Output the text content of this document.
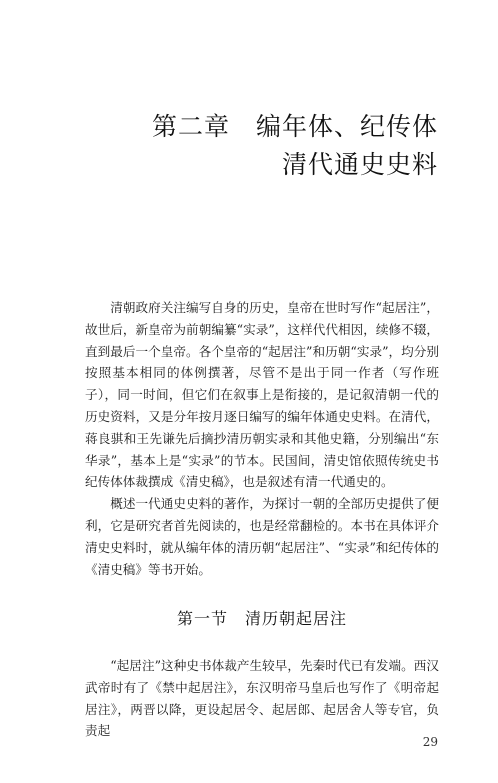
第二章　编年体、纪传体
清代通史史料

清朝政府关注编写自身的历史，皇帝在世时写作“起居注”，故世后，新皇帝为前朝编纂“实录”，这样代代相因，续修不辍，直到最后一个皇帝。各个皇帝的“起居注”和历朝“实录”，均分别按照基本相同的体例撰著，尽管不是出于同一作者（写作班子），同一时间，但它们在叙事上是衔接的，是记叙清朝一代的历史资料，又是分年按月逐日编写的编年体通史史料。在清代，蒋良骐和王先谦先后摘抄清历朝实录和其他史籍，分别编出“东华录”，基本上是“实录”的节本。民国间，清史馆依照传统史书纪传体体裁撰成《清史稿》，也是叙述有清一代通史的。

概述一代通史史料的著作，为探讨一朝的全部历史提供了便利，它是研究者首先阅读的，也是经常翻检的。本书在具体评介清史史料时，就从编年体的清历朝“起居注”、“实录”和纪传体的《清史稿》等书开始。

第一节　清历朝起居注

“起居注”这种史书体裁产生较早，先秦时代已有发端。西汉武帝时有了《禁中起居注》，东汉明帝马皇后也写作了《明帝起居注》，两晋以降，更设起居令、起居郎、起居舍人等专官，负责起

29
